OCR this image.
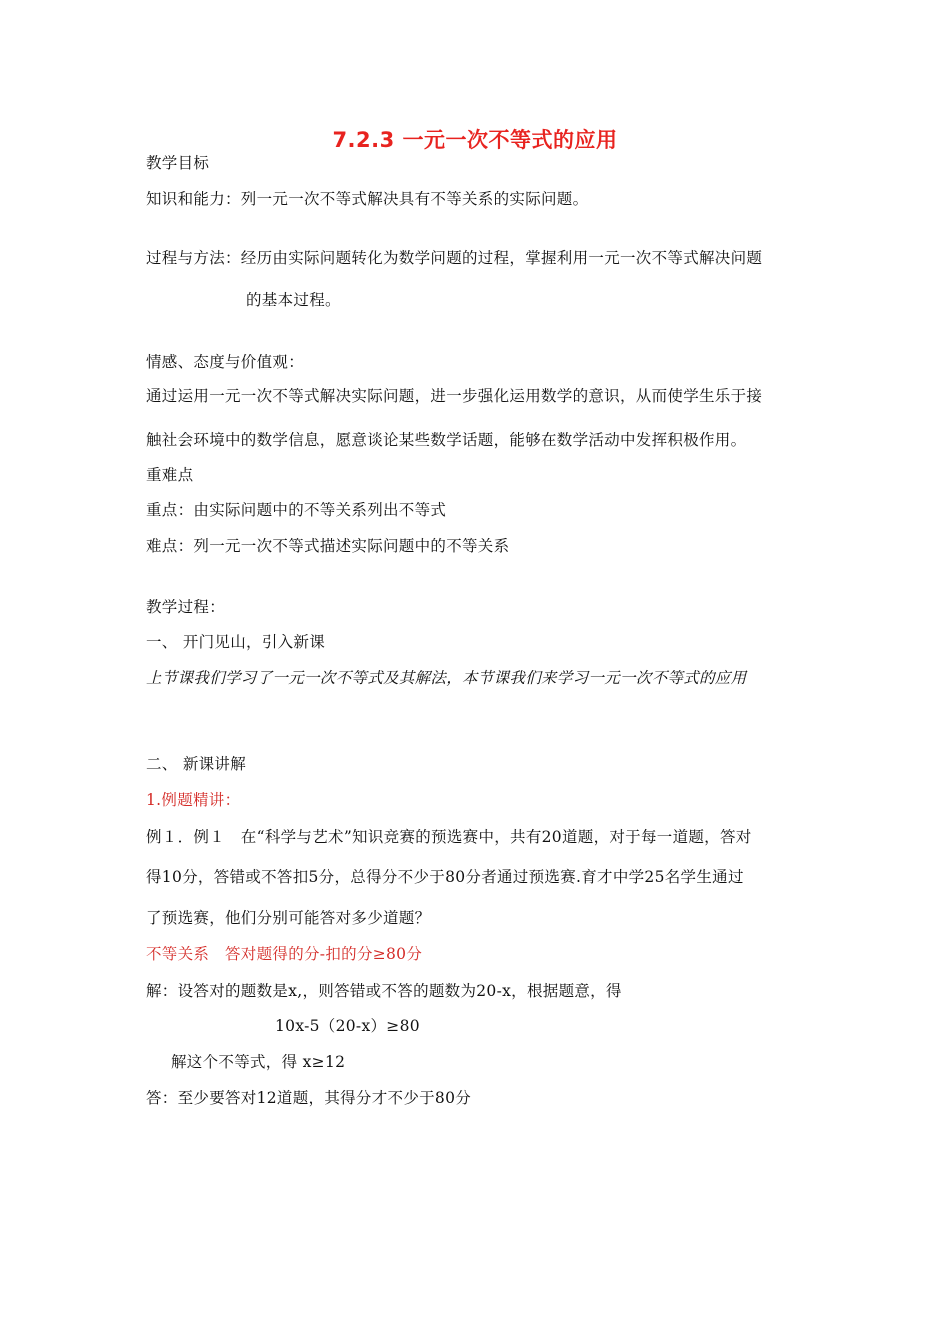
7.2.3 一元一次不等式的应用
教学目标
知识和能力：列一元一次不等式解决具有不等关系的实际问题。
过程与方法：经历由实际问题转化为数学问题的过程，掌握利用一元一次不等式解决问题
的基本过程。
情感、态度与价值观：
通过运用一元一次不等式解决实际问题，进一步强化运用数学的意识，从而使学生乐于接
触社会环境中的数学信息，愿意谈论某些数学话题，能够在数学活动中发挥积极作用。
重难点
重点：由实际问题中的不等关系列出不等式
难点：列一元一次不等式描述实际问题中的不等关系
教学过程：
一、 开门见山，引入新课
上节课我们学习了一元一次不等式及其解法，本节课我们来学习一元一次不等式的应用
二、 新课讲解
1.例题精讲：
例１．例１　在“科学与艺术”知识竞赛的预选赛中，共有20道题，对于每一道题，答对
得10分，答错或不答扣5分，总得分不少于80分者通过预选赛.育才中学25名学生通过
了预选赛，他们分别可能答对多少道题？
不等关系　答对题得的分-扣的分≥80分
解：设答对的题数是x,，则答错或不答的题数为20-x，根据题意，得
10x-5（20-x）≥80
解这个不等式，得 x≥12
答：至少要答对12道题，其得分才不少于80分
